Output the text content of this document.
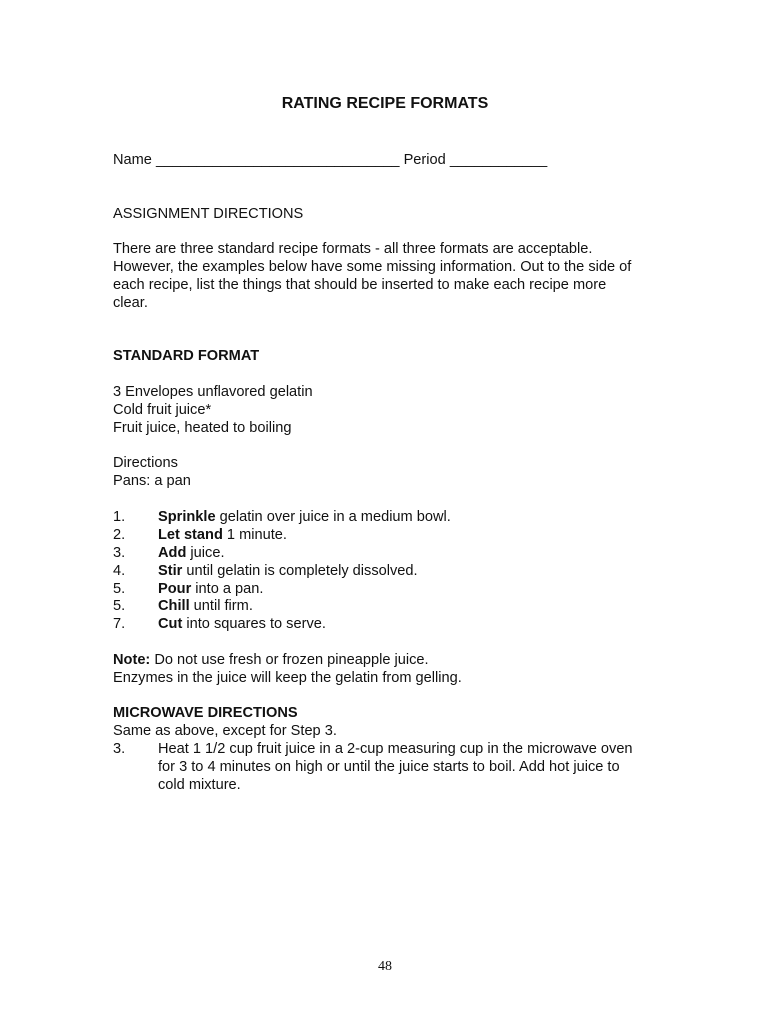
RATING RECIPE FORMATS
Name ______________________________ Period ____________
ASSIGNMENT DIRECTIONS
There are three standard recipe formats - all three formats are acceptable.
However, the examples below have some missing information. Out to the side of
each recipe, list the things that should be inserted to make each recipe more
clear.
STANDARD FORMAT
3 Envelopes unflavored gelatin
Cold fruit juice*
Fruit juice, heated to boiling
Directions
Pans: a pan
1. Sprinkle gelatin over juice in a medium bowl.
2. Let stand 1 minute.
3. Add juice.
4. Stir until gelatin is completely dissolved.
5. Pour into a pan.
5. Chill until firm.
7. Cut into squares to serve.
Note: Do not use fresh or frozen pineapple juice.
Enzymes in the juice will keep the gelatin from gelling.
MICROWAVE DIRECTIONS
Same as above, except for Step 3.
3. Heat 1 1/2 cup fruit juice in a 2-cup measuring cup in the microwave oven
for 3 to 4 minutes on high or until the juice starts to boil. Add hot juice to
cold mixture.
48
